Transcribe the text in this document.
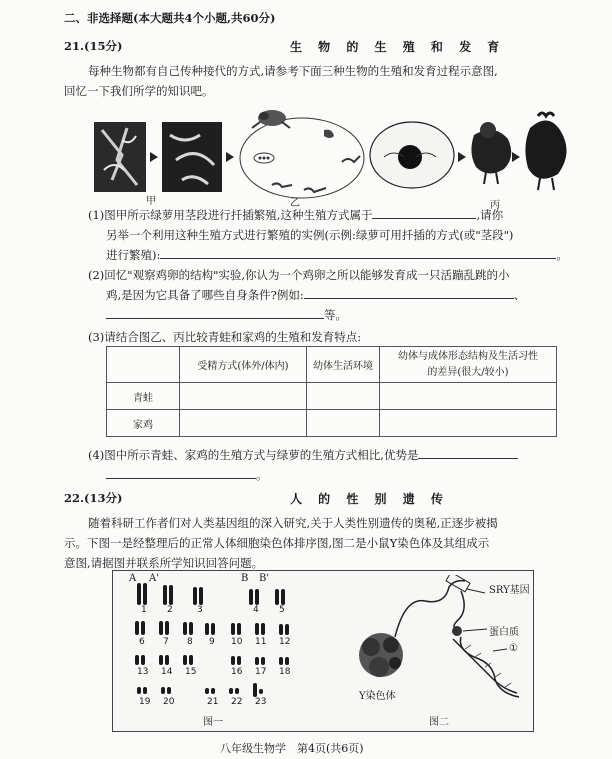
二、非选择题(本大题共4个小题,共60分)
21.(15分)	生 物 的 生 殖 和 发 育
每种生物都有自己传种接代的方式,请参考下面三种生物的生殖和发育过程示意图,
回忆一下我们所学的知识吧。
甲	乙	丙
(1)图甲所示绿萝用茎段进行扦插繁殖,这种生殖方式属于	,请你
另举一个利用这种生殖方式进行繁殖的实例(示例:绿萝可用扦插的方式(或"茎段")
进行繁殖):	。
(2)回忆"观察鸡卵的结构"实验,你认为一个鸡卵之所以能够发育成一只活蹦乱跳的小
鸡,是因为它具备了哪些自身条件?例如:	、
等。
(3)请结合图乙、丙比较青蛙和家鸡的生殖和发育特点:
	受精方式(体外/体内)	幼体生活环境	幼体与成体形态结构及生活习性
的差异(很大/较小)

青蛙			
家鸡			
(4)图中所示青蛙、家鸡的生殖方式与绿萝的生殖方式相比,优势是
。
22.(13分)	人 的 性 别 遗 传
随着科研工作者们对人类基因组的深入研究,关于人类性别遗传的奥秘,正逐步被揭
示。下图一是经整理后的正常人体细胞染色体排序图,图二是小鼠Y染色体及其组成示
意图,请据图并联系所学知识回答问题。
A A'	B B'
1 2	3	4 5
6 7 8 9 10 11 12
13 14 15	16 17 18
19 20	21 22 23
图一
SRY基因
蛋白质
①
Y染色体
图二
八年级生物学　第4页(共6页)
